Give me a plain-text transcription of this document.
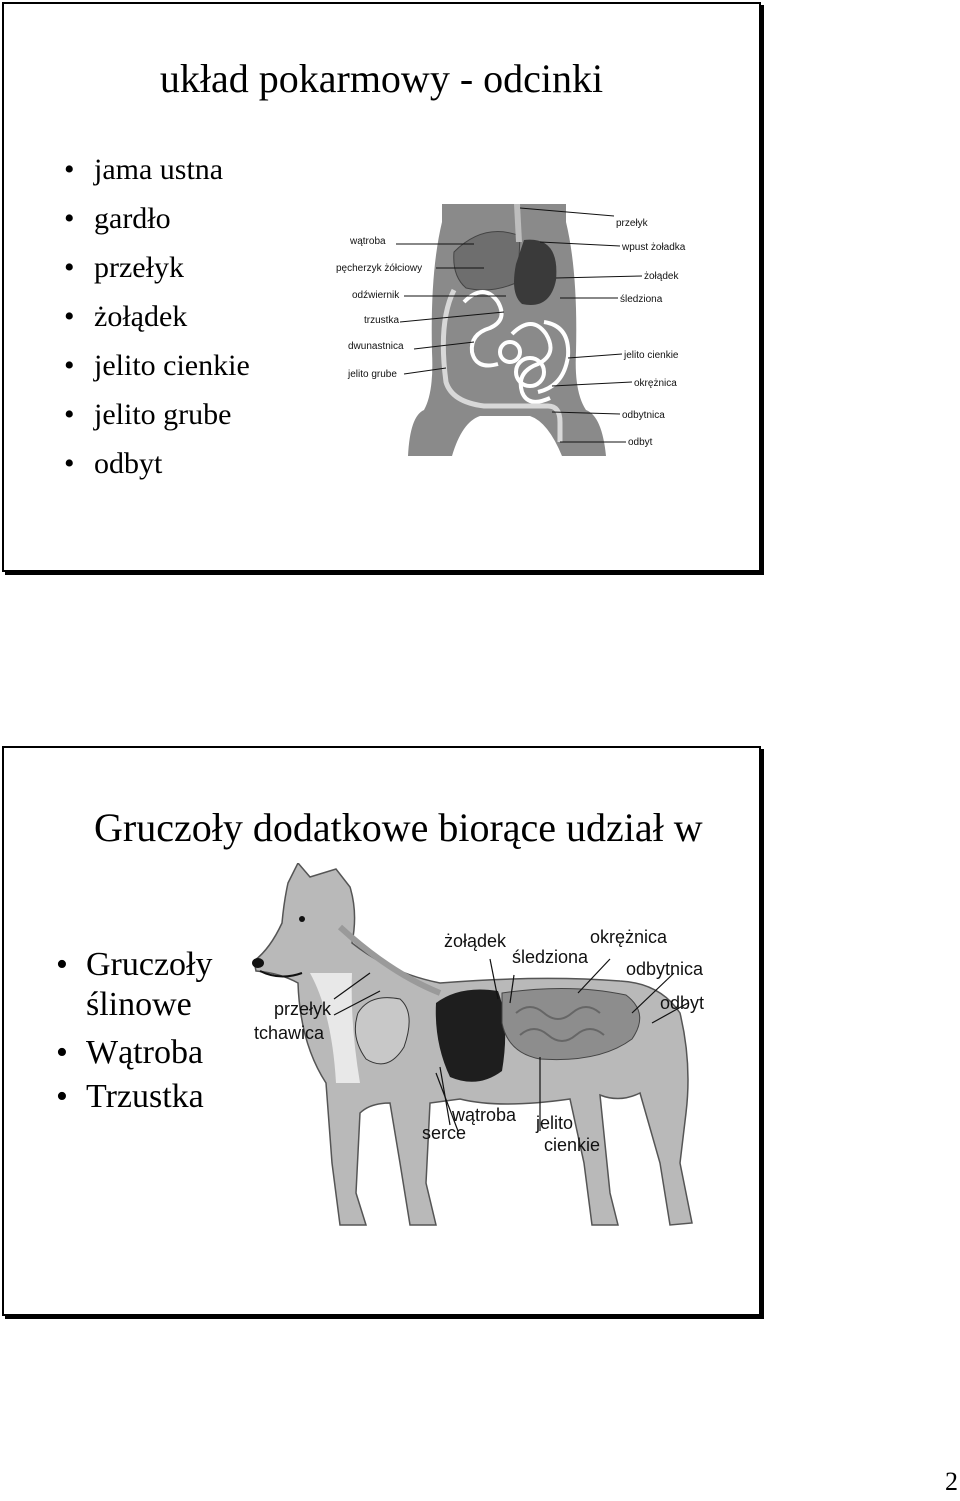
układ pokarmowy - odcinki
• jama ustna
• gardło
• przełyk
• żołądek
• jelito cienkie
• jelito grube
• odbyt
wątroba
pęcherzyk żółciowy
odźwiernik
trzustka
dwunastnica
jelito grube
przełyk
wpust żoładka
żołądek
śledziona
jelito cienkie
okrężnica
odbytnica
odbyt
Gruczoły dodatkowe biorące udział w
• Gruczoły ślinowe
• Wątroba
• Trzustka
żołądek	okrężnica
śledziona
odbytnica
odbyt
przełyk
tchawica
wątroba
serce	jelito
cienkie
2
